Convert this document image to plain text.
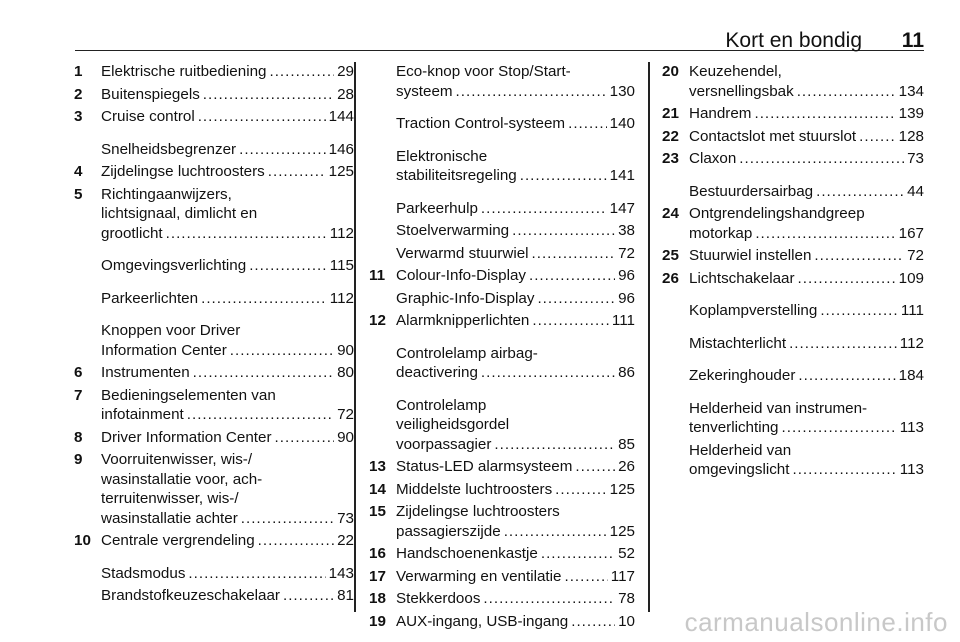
Kort en bondig 11
1 Elektrische ruitbediening .....	29
2 Buitenspiegels .....	28
3 Cruise control .....	144
Snelheidsbegrenzer .....	146
4 Zijdelingse luchtroosters .....	125
5 Richtingaanwijzers,
lichtsignaal, dimlicht en
grootlicht .....	112
Omgevingsverlichting .....	115
Parkeerlichten .....	112
Knoppen voor Driver
Information Center .....	90
6 Instrumenten .....	80
7 Bedieningselementen van
infotainment .....	72
8 Driver Information Center .....	90
9 Voorruitenwisser, wis-/
wasinstallatie voor, ach-
terruitenwisser, wis-/
wasinstallatie achter .....	73
10 Centrale vergrendeling .....	22
Stadsmodus .....	143
Brandstofkeuzeschakelaar .....	81
Eco-knop voor Stop/Start-
systeem .....	130
Traction Control-systeem .....	140
Elektronische
stabiliteitsregeling .....	141
Parkeerhulp .....	147
Stoelverwarming .....	38
Verwarmd stuurwiel .....	72
11 Colour-Info-Display .....	96
Graphic-Info-Display .....	96
12 Alarmknipperlichten .....	111
Controlelamp airbag-
deactivering .....	86
Controlelamp
veiligheidsgordel
voorpassagier .....	85
13 Status-LED alarmsysteem .....	26
14 Middelste luchtroosters .....	125
15 Zijdelingse luchtroosters
passagierszijde .....	125
16 Handschoenenkastje .....	52
17 Verwarming en ventilatie .....	117
18 Stekkerdoos .....	78
19 AUX-ingang, USB-ingang .....	10
20 Keuzehendel,
versnellingsbak .....	134
21 Handrem .....	139
22 Contactslot met stuurslot .....	128
23 Claxon .....	73
Bestuurdersairbag .....	44
24 Ontgrendelingshandgreep
motorkap .....	167
25 Stuurwiel instellen .....	72
26 Lichtschakelaar .....	109
Koplampverstelling .....	111
Mistachterlicht .....	112
Zekeringhouder .....	184
Helderheid van instrumen-
tenverlichting .....	113
Helderheid van
omgevingslicht .....	113
carmanualsonline.info
